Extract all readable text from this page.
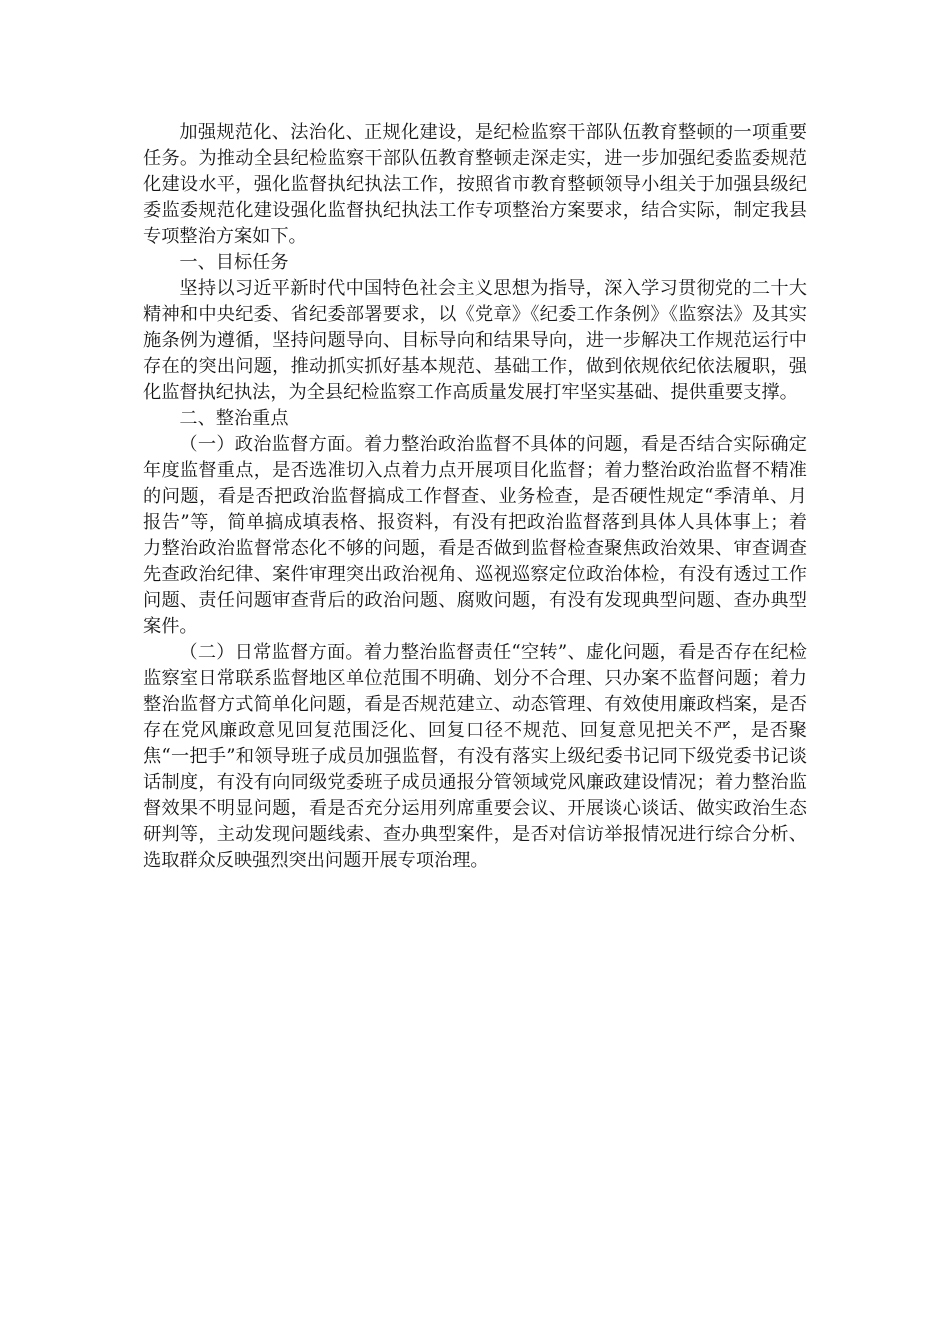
加强规范化、法治化、正规化建设，是纪检监察干部队伍教育整顿的一项重要任务。为推动全县纪检监察干部队伍教育整顿走深走实，进一步加强纪委监委规范化建设水平，强化监督执纪执法工作，按照省市教育整顿领导小组关于加强县级纪委监委规范化建设强化监督执纪执法工作专项整治方案要求，结合实际，制定我县专项整治方案如下。

一、目标任务

坚持以习近平新时代中国特色社会主义思想为指导，深入学习贯彻党的二十大精神和中央纪委、省纪委部署要求，以《党章》《纪委工作条例》《监察法》及其实施条例为遵循，坚持问题导向、目标导向和结果导向，进一步解决工作规范运行中存在的突出问题，推动抓实抓好基本规范、基础工作，做到依规依纪依法履职，强化监督执纪执法，为全县纪检监察工作高质量发展打牢坚实基础、提供重要支撑。

二、整治重点

（一）政治监督方面。着力整治政治监督不具体的问题，看是否结合实际确定年度监督重点，是否选准切入点着力点开展项目化监督；着力整治政治监督不精准的问题，看是否把政治监督搞成工作督查、业务检查，是否硬性规定“季清单、月报告”等，简单搞成填表格、报资料，有没有把政治监督落到具体人具体事上；着力整治政治监督常态化不够的问题，看是否做到监督检查聚焦政治效果、审查调查先查政治纪律、案件审理突出政治视角、巡视巡察定位政治体检，有没有透过工作问题、责任问题审查背后的政治问题、腐败问题，有没有发现典型问题、查办典型案件。

（二）日常监督方面。着力整治监督责任“空转”、虚化问题，看是否存在纪检监察室日常联系监督地区单位范围不明确、划分不合理、只办案不监督问题；着力整治监督方式简单化问题，看是否规范建立、动态管理、有效使用廉政档案，是否存在党风廉政意见回复范围泛化、回复口径不规范、回复意见把关不严，是否聚焦“一把手”和领导班子成员加强监督，有没有落实上级纪委书记同下级党委书记谈话制度，有没有向同级党委班子成员通报分管领域党风廉政建设情况；着力整治监督效果不明显问题，看是否充分运用列席重要会议、开展谈心谈话、做实政治生态研判等，主动发现问题线索、查办典型案件，是否对信访举报情况进行综合分析、选取群众反映强烈突出问题开展专项治理。
